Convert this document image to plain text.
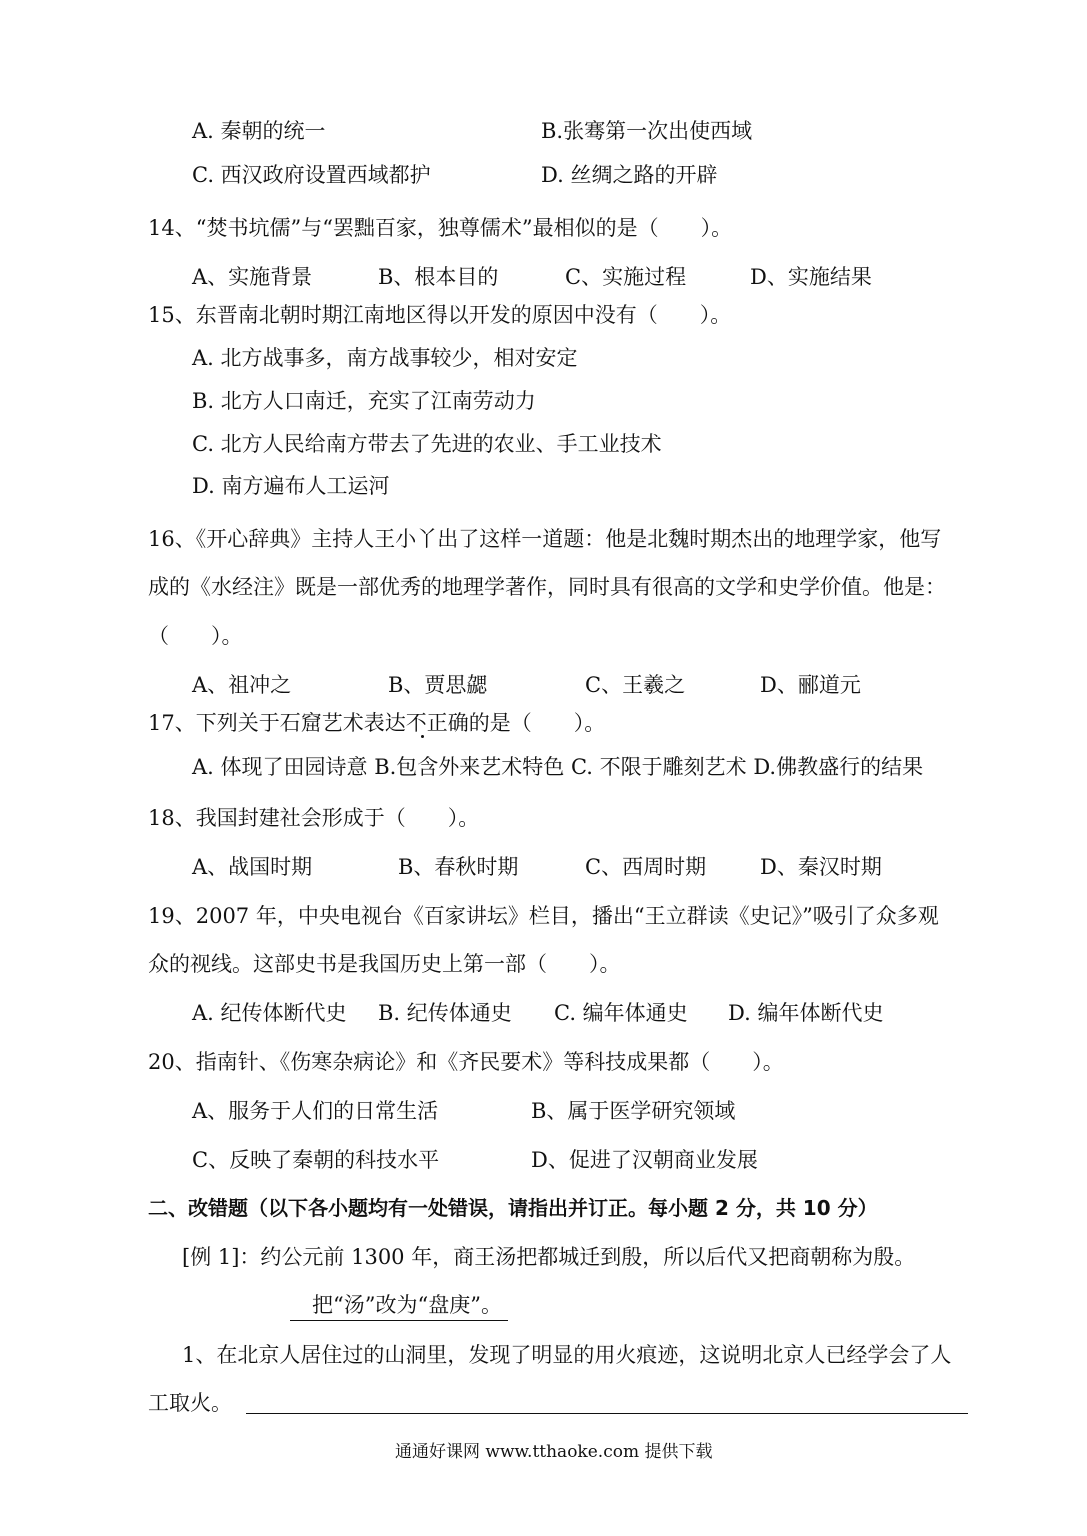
A. 秦朝的统一	B.张骞第一次出使西域
C. 西汉政府设置西域都护	D. 丝绸之路的开辟
14、“焚书坑儒”与“罢黜百家，独尊儒术”最相似的是（　　）。
A、实施背景	B、根本目的	C、实施过程	D、实施结果
15、东晋南北朝时期江南地区得以开发的原因中没有（　　）。
A. 北方战事多，南方战事较少，相对安定
B. 北方人口南迁，充实了江南劳动力
C. 北方人民给南方带去了先进的农业、手工业技术
D. 南方遍布人工运河
16、《开心辞典》主持人王小丫出了这样一道题：他是北魏时期杰出的地理学家，他写
成的《水经注》既是一部优秀的地理学著作，同时具有很高的文学和史学价值。他是：
（　　）。
A、祖冲之	B、贾思勰	C、王羲之	D、郦道元
17、下列关于石窟艺术表达不正确的是（　　）。
A. 体现了田园诗意 B.包含外来艺术特色 C. 不限于雕刻艺术 D.佛教盛行的结果
18、我国封建社会形成于（　　）。
A、战国时期	B、春秋时期	C、西周时期	D、秦汉时期
19、2007 年，中央电视台《百家讲坛》栏目，播出“王立群读《史记》”吸引了众多观
众的视线。这部史书是我国历史上第一部（　　）。
A. 纪传体断代史 B. 纪传体通史 C. 编年体通史 D. 编年体断代史
20、指南针、《伤寒杂病论》和《齐民要术》等科技成果都（　　）。
A、服务于人们的日常生活	B、属于医学研究领域
C、反映了秦朝的科技水平	D、促进了汉朝商业发展
二、改错题（以下各小题均有一处错误，请指出并订正。每小题 2 分，共 10 分）
[例 1]：约公元前 1300 年，商王汤把都城迁到殷，所以后代又把商朝称为殷。
把“汤”改为“盘庚”。
1、在北京人居住过的山洞里，发现了明显的用火痕迹，这说明北京人已经学会了人
工取火。
通通好课网 www.tthaoke.com 提供下载
